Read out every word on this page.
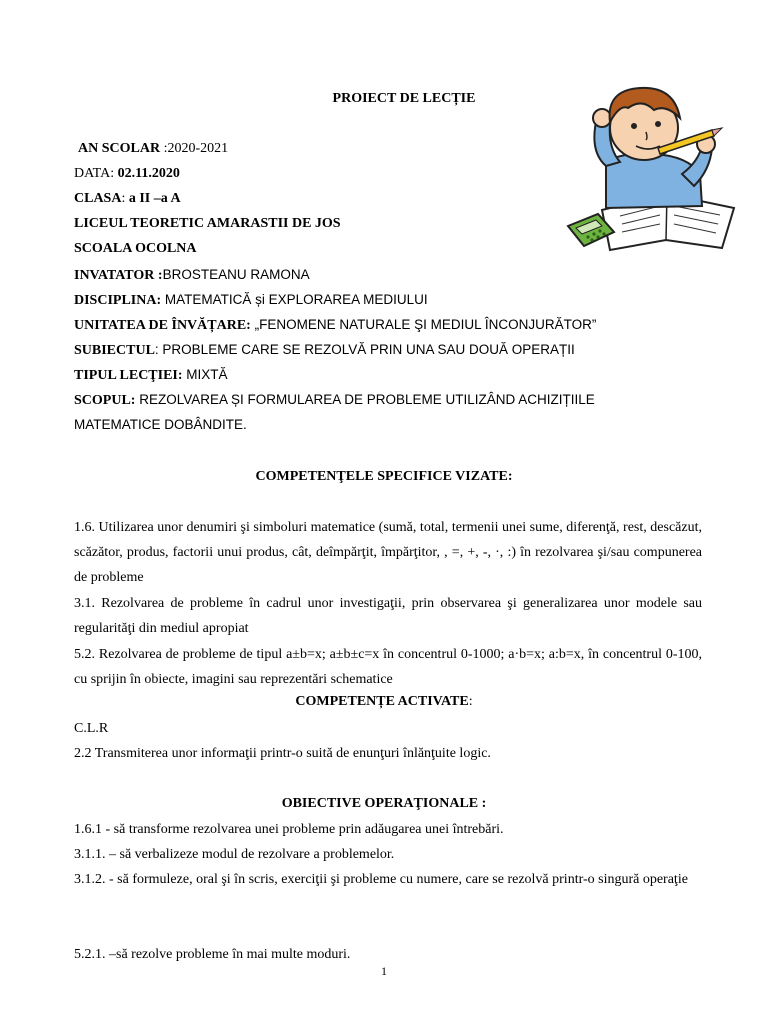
PROIECT DE LECȚIE
AN SCOLAR :2020-2021
DATA: 02.11.2020
CLASA: a II –a A
LICEUL TEORETIC AMARASTII DE JOS
SCOALA OCOLNA
INVATATOR :BROSTEANU RAMONA
DISCIPLINA: MATEMATICĂ și EXPLORAREA MEDIULUI
UNITATEA DE ÎNVĂȚARE: „FENOMENE NATURALE ŞI MEDIUL ÎNCONJURĂTOR”
SUBIECTUL: PROBLEME CARE SE REZOLVĂ PRIN UNA SAU DOUĂ OPERAȚII
TIPUL LECŢIEI: MIXTĂ
SCOPUL: REZOLVAREA ȘI FORMULAREA DE PROBLEME UTILIZÂND ACHIZIȚIILE
MATEMATICE DOBÂNDITE.
COMPETENŢELE SPECIFICE VIZATE:
1.6. Utilizarea unor denumiri şi simboluri matematice (sumă, total, termenii unei sume, diferenţă, rest, descăzut, scăzător, produs, factorii unui produs, cât, deîmpărţit, împărţitor, , =, +, -, ·, :) în rezolvarea şi/sau compunerea de probleme
3.1. Rezolvarea de probleme în cadrul unor investigaţii, prin observarea şi generalizarea unor modele sau regularităţi din mediul apropiat
5.2. Rezolvarea de probleme de tipul a±b=x; a±b±c=x în concentrul 0-1000; a·b=x; a:b=x, în concentrul 0-100, cu sprijin în obiecte, imagini sau reprezentări schematice
COMPETENȚE ACTIVATE:
C.L.R
2.2 Transmiterea unor informaţii printr-o suită de enunţuri înlănţuite logic.
OBIECTIVE OPERAŢIONALE :
1.6.1 - să transforme rezolvarea unei probleme prin adăugarea unei întrebări.
3.1.1. – să verbalizeze modul de rezolvare a problemelor.
3.1.2. - să formuleze, oral şi în scris, exerciţii şi probleme cu numere, care se rezolvă printr-o singură operaţie
5.2.1. –să rezolve probleme în mai multe moduri.
1
